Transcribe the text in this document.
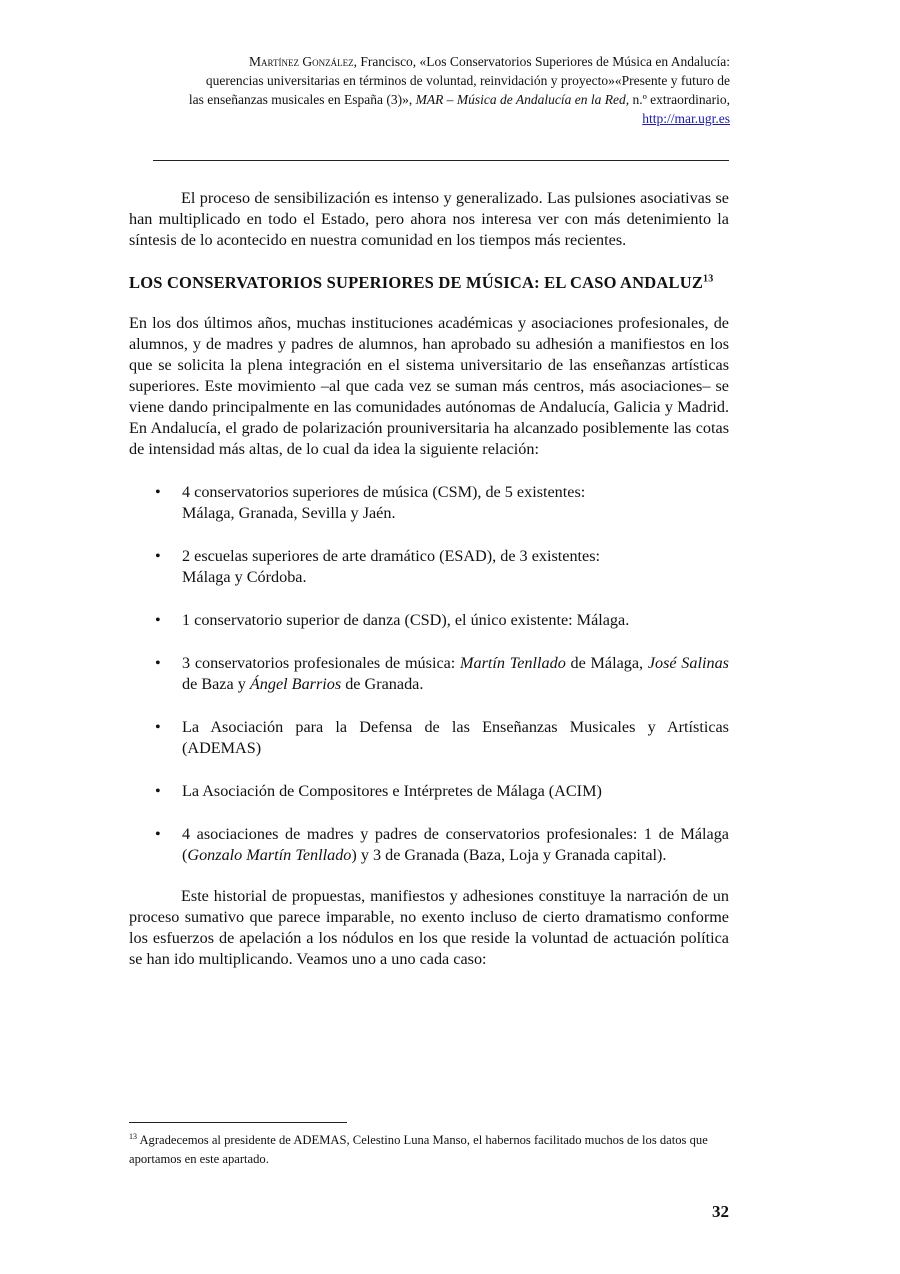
Martínez González, Francisco, «Los Conservatorios Superiores de Música en Andalucía:
querencias universitarias en términos de voluntad, reinvidación y proyecto»«Presente y futuro de
las enseñanzas musicales en España (3)», MAR – Música de Andalucía en la Red, n.º extraordinario,
http://mar.ugr.es

El proceso de sensibilización es intenso y generalizado. Las pulsiones asociativas se han multiplicado en todo el Estado, pero ahora nos interesa ver con más detenimiento la síntesis de lo acontecido en nuestra comunidad en los tiempos más recientes.

LOS CONSERVATORIOS SUPERIORES DE MÚSICA: EL CASO ANDALUZ$^{13}$

En los dos últimos años, muchas instituciones académicas y asociaciones profesionales, de alumnos, y de madres y padres de alumnos, han aprobado su adhesión a manifiestos en los que se solicita la plena integración en el sistema universitario de las enseñanzas artísticas superiores. Este movimiento –al que cada vez se suman más centros, más asociaciones– se viene dando principalmente en las comunidades autónomas de Andalucía, Galicia y Madrid. En Andalucía, el grado de polarización prouniversitaria ha alcanzado posiblemente las cotas de intensidad más altas, de lo cual da idea la siguiente relación:

• 4 conservatorios superiores de música (CSM), de 5 existentes:
Málaga, Granada, Sevilla y Jaén.
• 2 escuelas superiores de arte dramático (ESAD), de 3 existentes:
Málaga y Córdoba.
• 1 conservatorio superior de danza (CSD), el único existente: Málaga.
• 3 conservatorios profesionales de música: Martín Tenllado de Málaga, José Salinas de Baza y Ángel Barrios de Granada.
• La Asociación para la Defensa de las Enseñanzas Musicales y Artísticas (ADEMAS)
• La Asociación de Compositores e Intérpretes de Málaga (ACIM)
• 4 asociaciones de madres y padres de conservatorios profesionales: 1 de Málaga (Gonzalo Martín Tenllado) y 3 de Granada (Baza, Loja y Granada capital).

Este historial de propuestas, manifiestos y adhesiones constituye la narración de un proceso sumativo que parece imparable, no exento incluso de cierto dramatismo conforme los esfuerzos de apelación a los nódulos en los que reside la voluntad de actuación política se han ido multiplicando. Veamos uno a uno cada caso:

$^{13}$ Agradecemos al presidente de ADEMAS, Celestino Luna Manso, el habernos facilitado muchos de los datos que aportamos en este apartado.
32
